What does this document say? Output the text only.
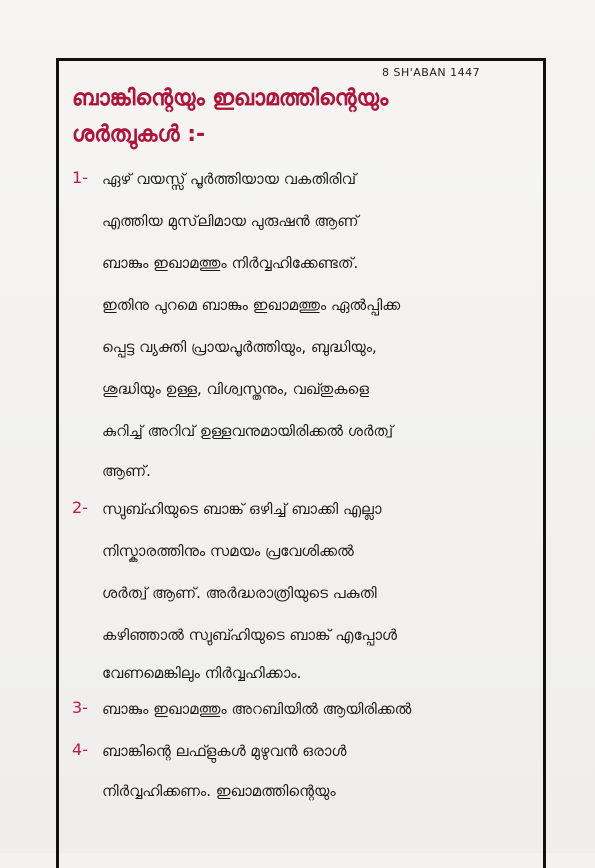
8 SH'ABAN 1447
ബാങ്കിന്റെയും ഇഖാമത്തിന്റെയും
ശർത്വുകൾ :-
1- ഏഴ് വയസ്സ് പൂർത്തിയായ വകതിരിവ്
എത്തിയ മുസ്‌ലിമായ പുരുഷൻ ആണ്
ബാങ്കും ഇഖാമത്തും നിർവ്വഹിക്കേണ്ടത്.
ഇതിനു പുറമെ ബാങ്കും ഇഖാമത്തും ഏൽപ്പിക്ക
പ്പെട്ട വ്യക്തി പ്രായപൂർത്തിയും, ബുദ്ധിയും,
ശുദ്ധിയും ഉള്ള, വിശ്വസ്തനും, വഖ്തുകളെ
കുറിച്ച് അറിവ് ഉള്ളവനുമായിരിക്കൽ ശർത്വ്
ആണ്.
2- സ്വുബ്ഹിയുടെ ബാങ്ക് ഒഴിച്ച് ബാക്കി എല്ലാ
നിസ്കാരത്തിനും സമയം പ്രവേശിക്കൽ
ശർത്വ് ആണ്. അർദ്ധരാത്രിയുടെ പകുതി
കഴിഞ്ഞാൽ സ്വുബ്ഹിയുടെ ബാങ്ക് എപ്പോൾ
വേണമെങ്കിലും നിർവ്വഹിക്കാം.
3- ബാങ്കും ഇഖാമത്തും അറബിയിൽ ആയിരിക്കൽ
4- ബാങ്കിന്റെ ലഫ്ളുകൾ മുഴുവൻ ഒരാൾ
നിർവ്വഹിക്കണം. ഇഖാമത്തിന്റെയും
